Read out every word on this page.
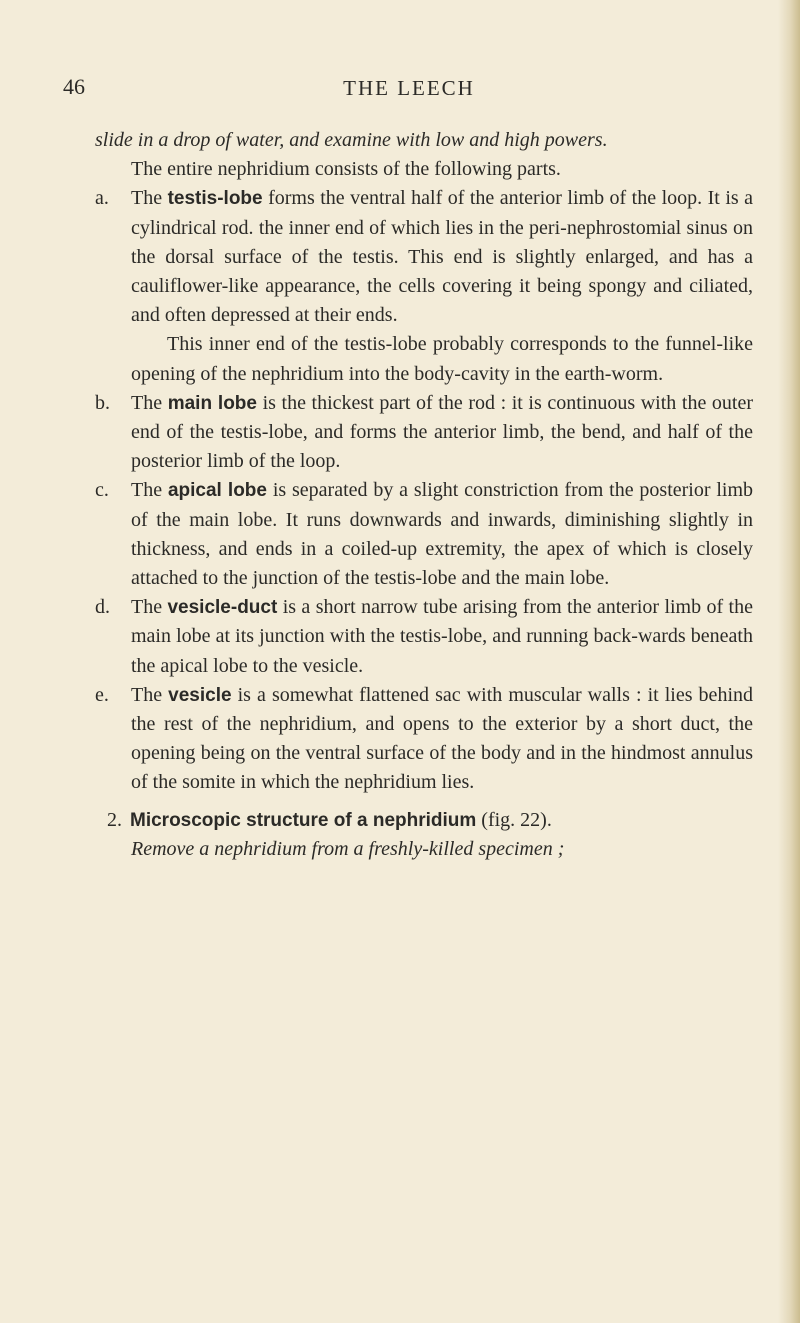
46	THE LEECH

slide in a drop of water, and examine with low and high powers.

The entire nephridium consists of the following parts.

a. The testis-lobe forms the ventral half of the anterior limb of the loop. It is a cylindrical rod. the inner end of which lies in the peri-nephrostomial sinus on the dorsal surface of the testis. This end is slightly enlarged, and has a cauliflower-like appearance, the cells covering it being spongy and ciliated, and often depressed at their ends.

This inner end of the testis-lobe probably corresponds to the funnel-like opening of the nephridium into the body-cavity in the earth-worm.

b. The main lobe is the thickest part of the rod : it is continuous with the outer end of the testis-lobe, and forms the anterior limb, the bend, and half of the posterior limb of the loop.

c. The apical lobe is separated by a slight constriction from the posterior limb of the main lobe. It runs downwards and inwards, diminishing slightly in thickness, and ends in a coiled-up extremity, the apex of which is closely attached to the junction of the testis-lobe and the main lobe.

d. The vesicle-duct is a short narrow tube arising from the anterior limb of the main lobe at its junction with the testis-lobe, and running back-wards beneath the apical lobe to the vesicle.

e. The vesicle is a somewhat flattened sac with muscular walls : it lies behind the rest of the nephridium, and opens to the exterior by a short duct, the opening being on the ventral surface of the body and in the hindmost annulus of the somite in which the nephridium lies.

2. Microscopic structure of a nephridium (fig. 22).

Remove a nephridium from a freshly-killed specimen ;
